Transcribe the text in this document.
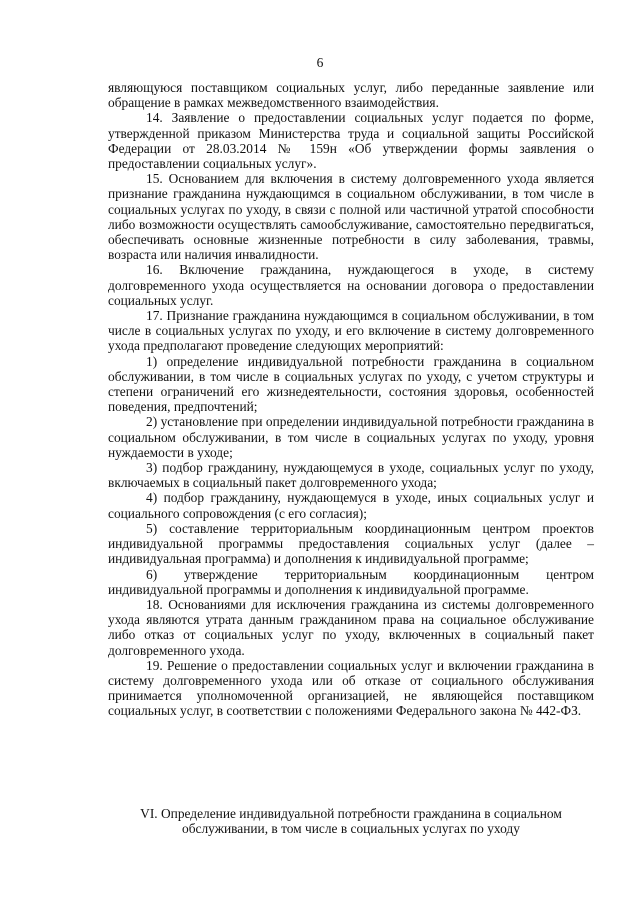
6

являющуюся поставщиком социальных услуг, либо переданные заявление или обращение в рамках межведомственного взаимодействия.

14. Заявление о предоставлении социальных услуг подается по форме, утвержденной приказом Министерства труда и социальной защиты Российской Федерации от 28.03.2014 № 159н «Об утверждении формы заявления о предоставлении социальных услуг».

15. Основанием для включения в систему долговременного ухода является признание гражданина нуждающимся в социальном обслуживании, в том числе в социальных услугах по уходу, в связи с полной или частичной утратой способности либо возможности осуществлять самообслуживание, самостоятельно передвигаться, обеспечивать основные жизненные потребности в силу заболевания, травмы, возраста или наличия инвалидности.

16. Включение гражданина, нуждающегося в уходе, в систему долговременного ухода осуществляется на основании договора о предоставлении социальных услуг.

17. Признание гражданина нуждающимся в социальном обслуживании, в том числе в социальных услугах по уходу, и его включение в систему долговременного ухода предполагают проведение следующих мероприятий:

1) определение индивидуальной потребности гражданина в социальном обслуживании, в том числе в социальных услугах по уходу, с учетом структуры и степени ограничений его жизнедеятельности, состояния здоровья, особенностей поведения, предпочтений;

2) установление при определении индивидуальной потребности гражданина в социальном обслуживании, в том числе в социальных услугах по уходу, уровня нуждаемости в уходе;

3) подбор гражданину, нуждающемуся в уходе, социальных услуг по уходу, включаемых в социальный пакет долговременного ухода;

4) подбор гражданину, нуждающемуся в уходе, иных социальных услуг и социального сопровождения (с его согласия);

5) составление территориальным координационным центром проектов индивидуальной программы предоставления социальных услуг (далее – индивидуальная программа) и дополнения к индивидуальной программе;

6) утверждение территориальным координационным центром индивидуальной программы и дополнения к индивидуальной программе.

18. Основаниями для исключения гражданина из системы долговременного ухода являются утрата данным гражданином права на социальное обслуживание либо отказ от социальных услуг по уходу, включенных в социальный пакет долговременного ухода.

19. Решение о предоставлении социальных услуг и включении гражданина в систему долговременного ухода или об отказе от социального обслуживания принимается уполномоченной организацией, не являющейся поставщиком социальных услуг, в соответствии с положениями Федерального закона № 442-ФЗ.

VI. Определение индивидуальной потребности гражданина в социальном
обслуживании, в том числе в социальных услугах по уходу
